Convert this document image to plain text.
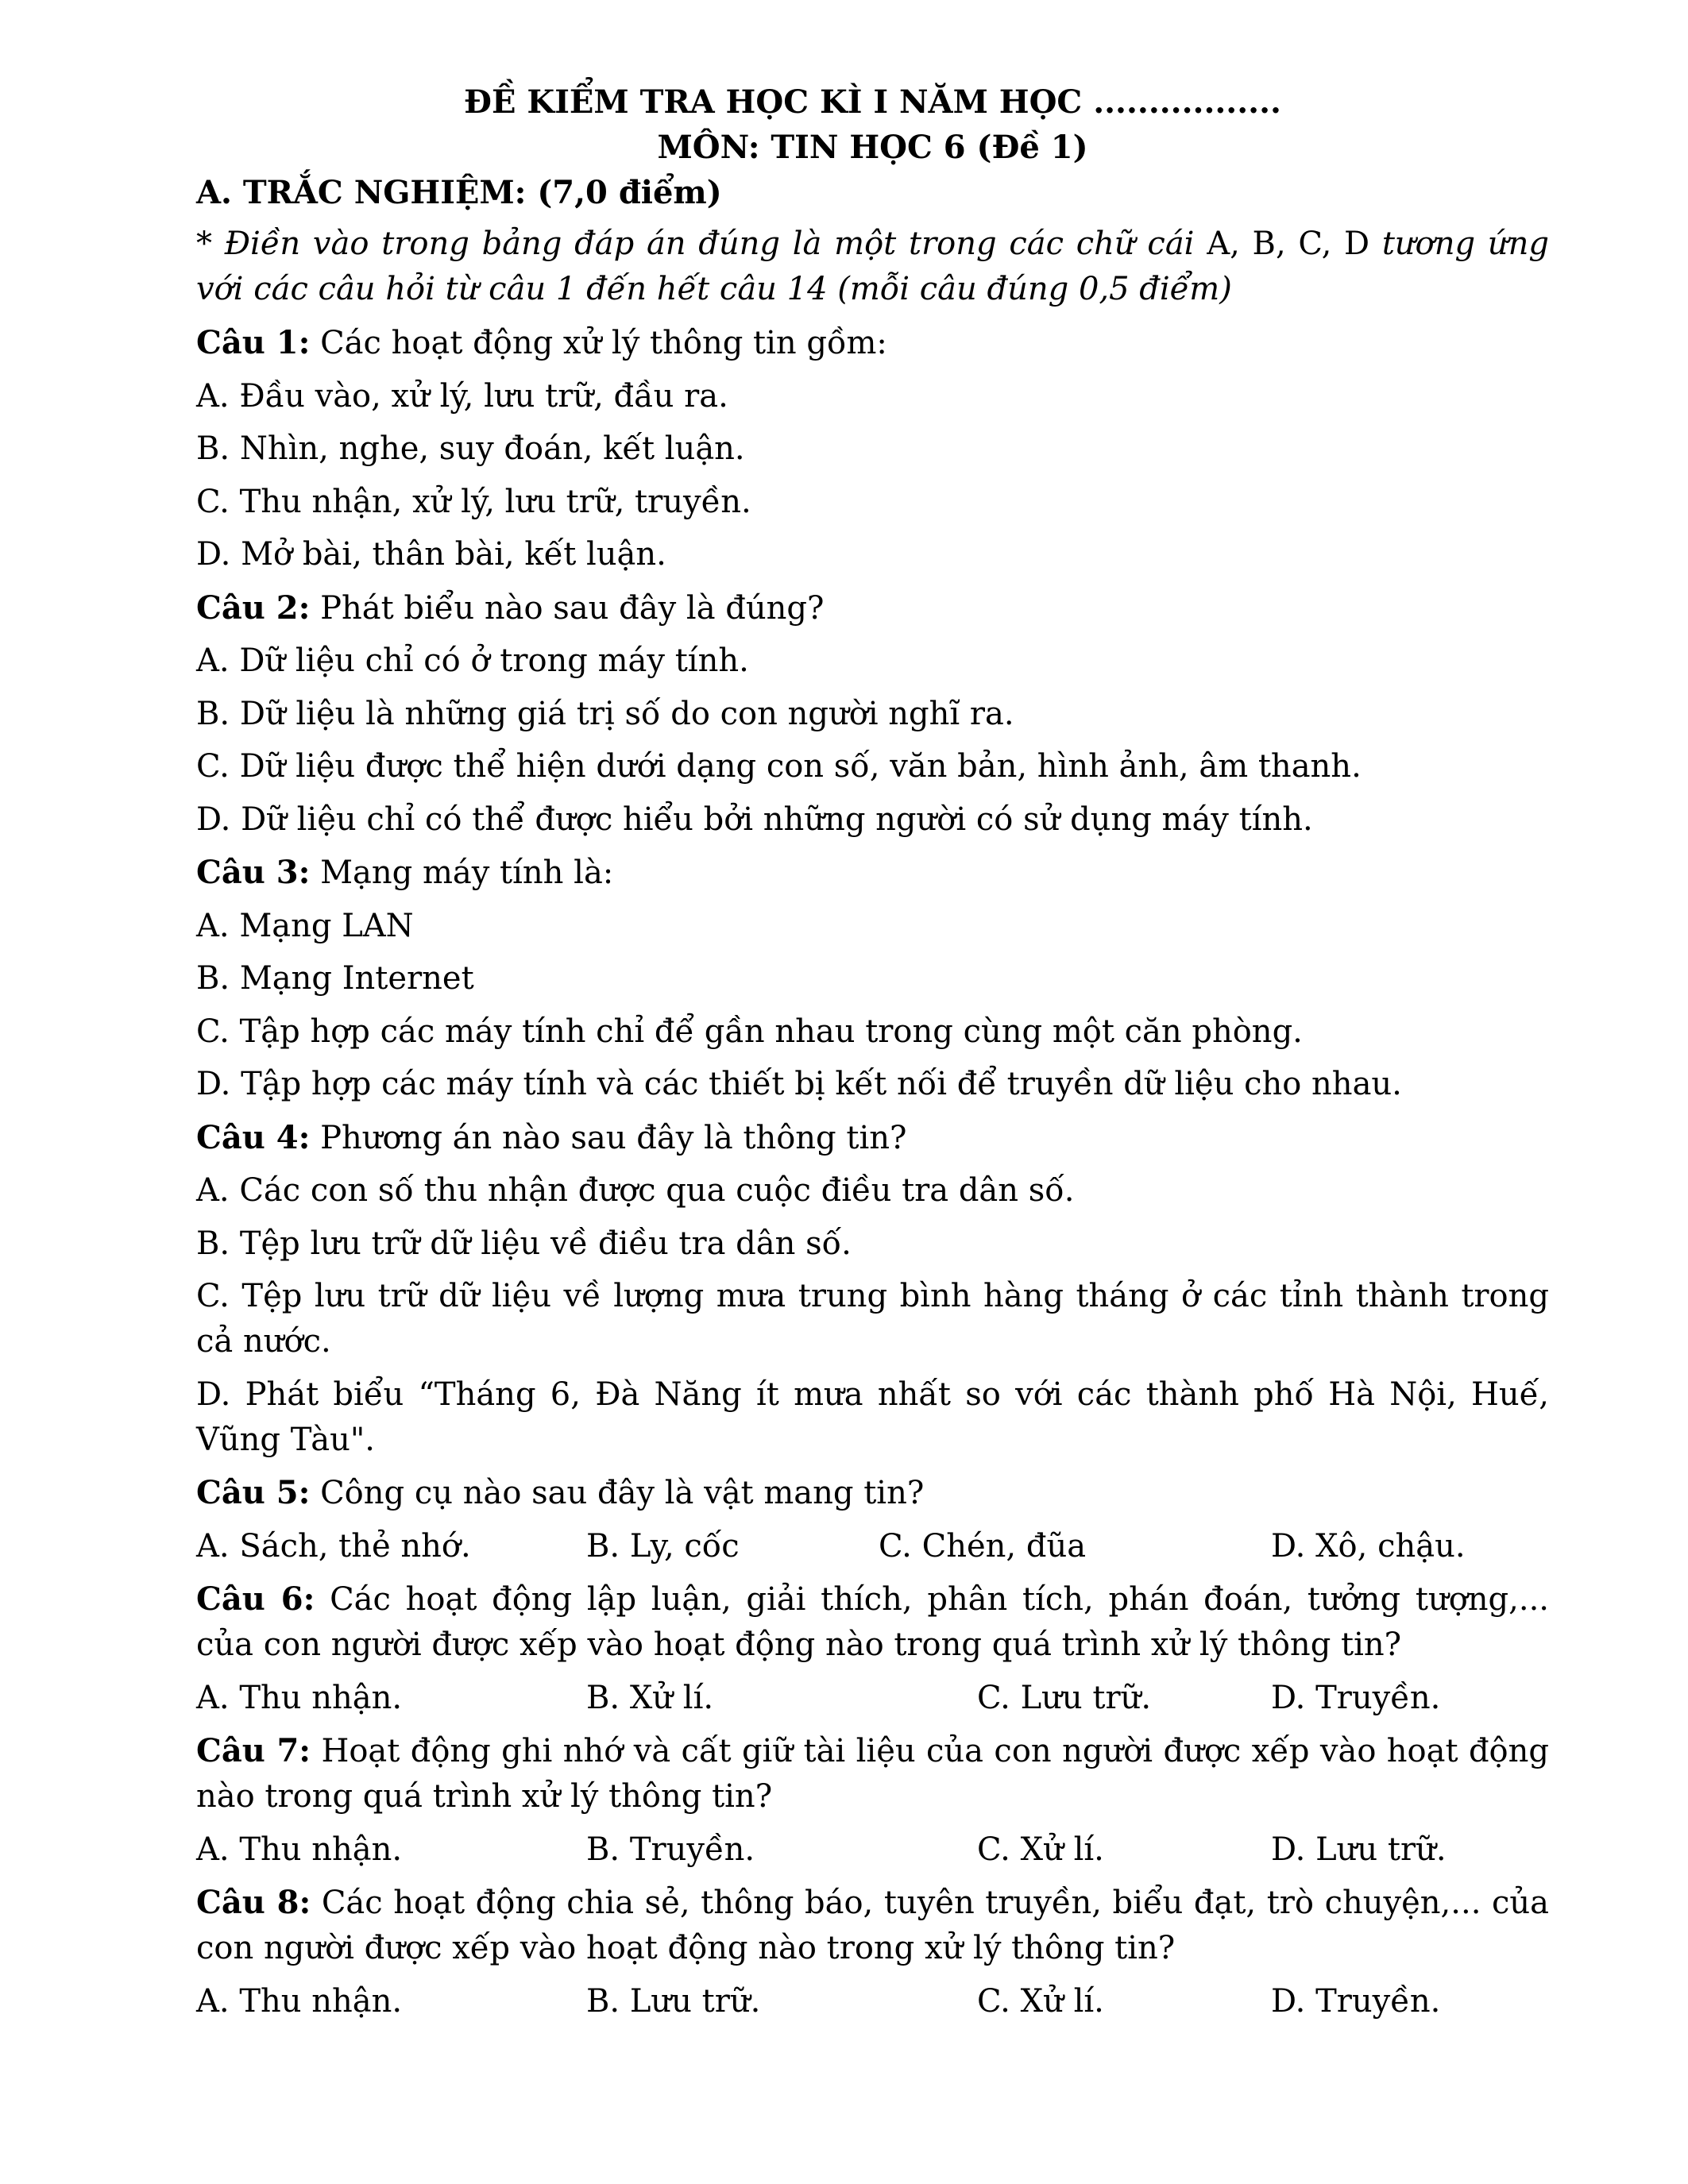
ĐỀ KIỂM TRA HỌC KÌ I NĂM HỌC .................
MÔN: TIN HỌC 6 (Đề 1)
A. TRẮC NGHIỆM: (7,0 điểm)
* Điền vào trong bảng đáp án đúng là một trong các chữ cái A, B, C, D tương ứng với các câu hỏi từ câu 1 đến hết câu 14 (mỗi câu đúng 0,5 điểm)

Câu 1: Các hoạt động xử lý thông tin gồm:

A. Đầu vào, xử lý, lưu trữ, đầu ra.

B. Nhìn, nghe, suy đoán, kết luận.

C. Thu nhận, xử lý, lưu trữ, truyền.

D. Mở bài, thân bài, kết luận.

Câu 2: Phát biểu nào sau đây là đúng?

A. Dữ liệu chỉ có ở trong máy tính.

B. Dữ liệu là những giá trị số do con người nghĩ ra.

C. Dữ liệu được thể hiện dưới dạng con số, văn bản, hình ảnh, âm thanh.

D. Dữ liệu chỉ có thể được hiểu bởi những người có sử dụng máy tính.

Câu 3: Mạng máy tính là:

A. Mạng LAN

B. Mạng Internet

C. Tập hợp các máy tính chỉ để gần nhau trong cùng một căn phòng.

D. Tập hợp các máy tính và các thiết bị kết nối để truyền dữ liệu cho nhau.

Câu 4: Phương án nào sau đây là thông tin?

A. Các con số thu nhận được qua cuộc điều tra dân số.

B. Tệp lưu trữ dữ liệu về điều tra dân số.

C. Tệp lưu trữ dữ liệu về lượng mưa trung bình hàng tháng ở các tỉnh thành trong cả nước.

D. Phát biểu “Tháng 6, Đà Năng ít mưa nhất so với các thành phố Hà Nội, Huế, Vũng Tàu".

Câu 5: Công cụ nào sau đây là vật mang tin?

A. Sách, thẻ nhớ.	B. Ly, cốc	C. Chén, đũa	D. Xô, chậu.

Câu 6: Các hoạt động lập luận, giải thích, phân tích, phán đoán, tưởng tượng,... của con người được xếp vào hoạt động nào trong quá trình xử lý thông tin?

A. Thu nhận.	B. Xử lí.	C. Lưu trữ.	D. Truyền.

Câu 7: Hoạt động ghi nhớ và cất giữ tài liệu của con người được xếp vào hoạt động nào trong quá trình xử lý thông tin?

A. Thu nhận.	B. Truyền.	C. Xử lí.	D. Lưu trữ.

Câu 8: Các hoạt động chia sẻ, thông báo, tuyên truyền, biểu đạt, trò chuyện,... của con người được xếp vào hoạt động nào trong xử lý thông tin?

A. Thu nhận.	B. Lưu trữ.	C. Xử lí.	D. Truyền.
